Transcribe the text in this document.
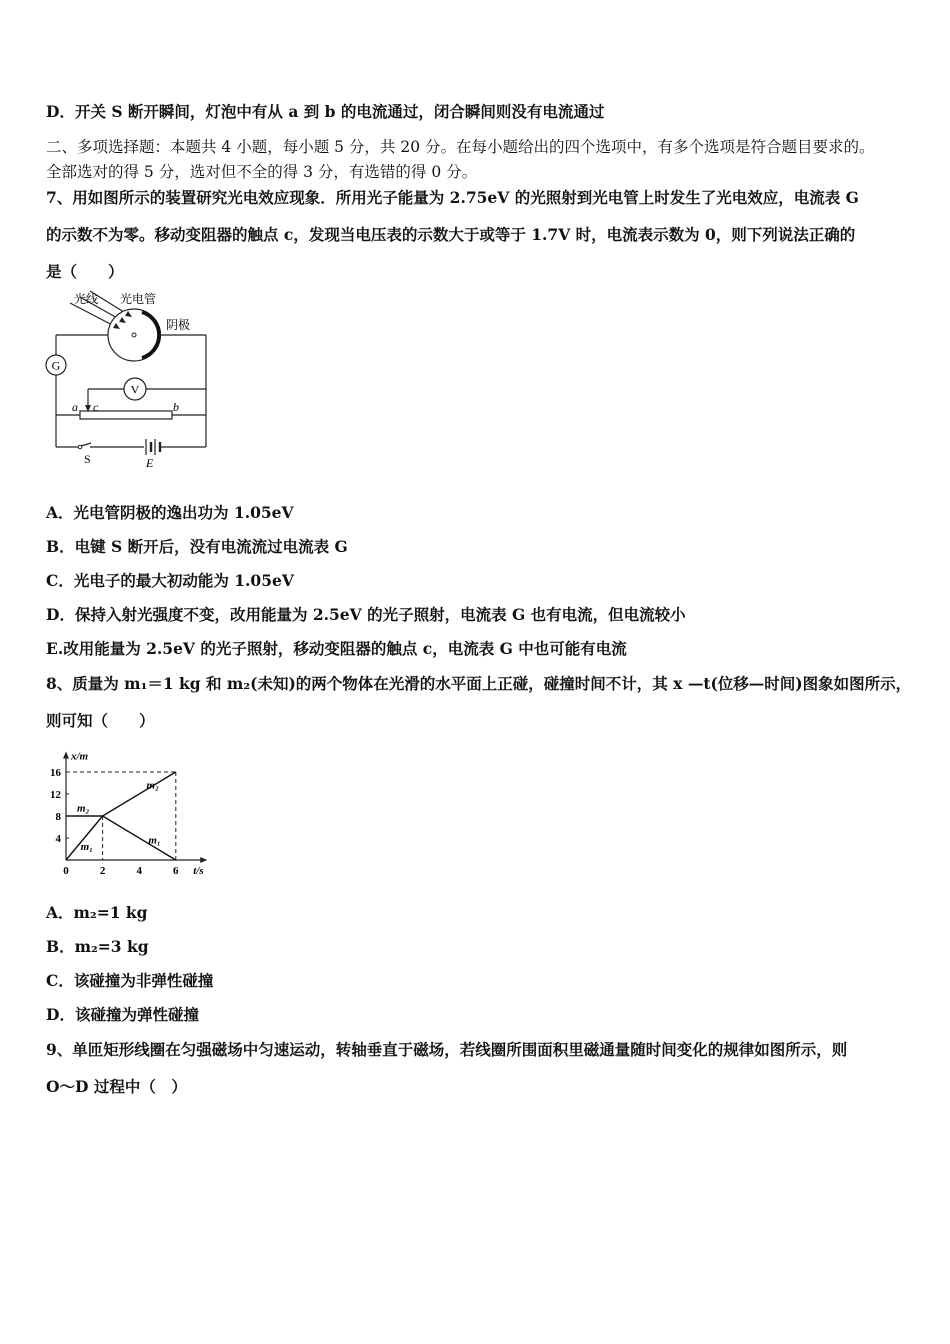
D．开关 S 断开瞬间，灯泡中有从 a 到 b 的电流通过，闭合瞬间则没有电流通过
二、多项选择题：本题共 4 小题，每小题 5 分，共 20 分。在每小题给出的四个选项中，有多个选项是符合题目要求的。
全部选对的得 5 分，选对但不全的得 3 分，有选错的得 0 分。
7、用如图所示的装置研究光电效应现象．所用光子能量为 2.75eV 的光照射到光电管上时发生了光电效应，电流表 G
的示数不为零。移动变阻器的触点 c，发现当电压表的示数大于或等于 1.7V 时，电流表示数为 0，则下列说法正确的
是（　　）
G
V
光线 光电管
阴极
a c	b
S	E
A．光电管阴极的逸出功为 1.05eV
B．电键 S 断开后，没有电流流过电流表 G
C．光电子的最大初动能为 1.05eV
D．保持入射光强度不变，改用能量为 2.5eV 的光子照射，电流表 G 也有电流，但电流较小
E.改用能量为 2.5eV 的光子照射，移动变阻器的触点 c，电流表 G 中也可能有电流
8、质量为 m₁＝1 kg 和 m₂(未知)的两个物体在光滑的水平面上正碰，碰撞时间不计，其 x —t(位移—时间)图象如图所示，
则可知（　　）
x/m
t/s
0	2	4	6
4
8
12
16
m₁
m₂
m₁
m₂
A．m₂=1 kg
B．m₂=3 kg
C．该碰撞为非弹性碰撞
D．该碰撞为弹性碰撞
9、单匝矩形线圈在匀强磁场中匀速运动，转轴垂直于磁场，若线圈所围面积里磁通量随时间变化的规律如图所示，则
O～D 过程中（　）
